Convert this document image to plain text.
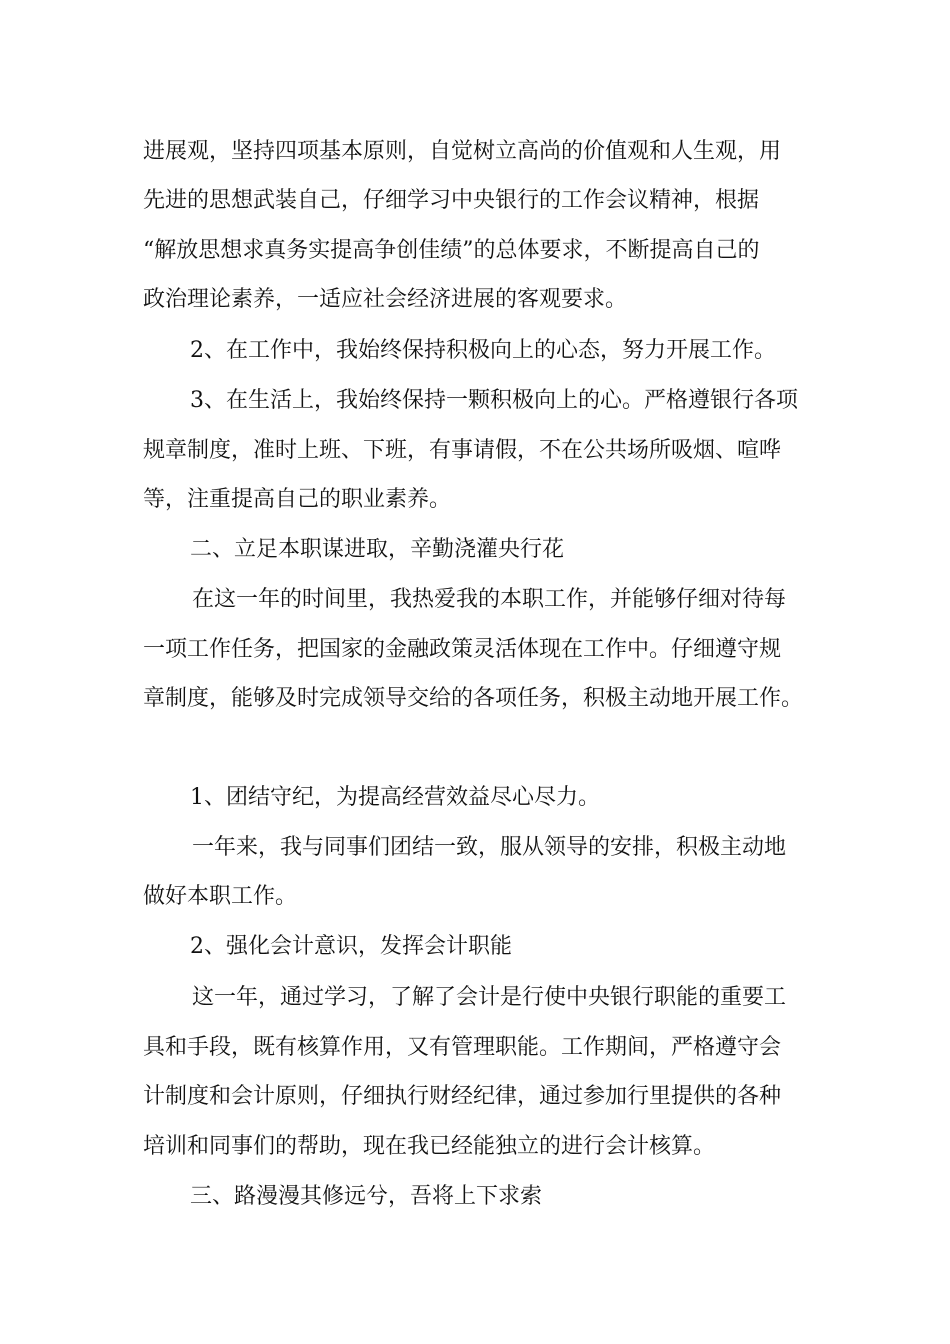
进展观，坚持四项基本原则，自觉树立高尚的价值观和人生观，用
先进的思想武装自己，仔细学习中央银行的工作会议精神，根据
“解放思想求真务实提高争创佳绩”的总体要求，不断提高自己的
政治理论素养，一适应社会经济进展的客观要求。
2、在工作中，我始终保持积极向上的心态，努力开展工作。
3、在生活上，我始终保持一颗积极向上的心。严格遵银行各项
规章制度，准时上班、下班，有事请假，不在公共场所吸烟、喧哗
等，注重提高自己的职业素养。
二、立足本职谋进取，辛勤浇灌央行花
在这一年的时间里，我热爱我的本职工作，并能够仔细对待每
一项工作任务，把国家的金融政策灵活体现在工作中。仔细遵守规
章制度，能够及时完成领导交给的各项任务，积极主动地开展工作。
1、团结守纪，为提高经营效益尽心尽力。
一年来，我与同事们团结一致，服从领导的安排，积极主动地
做好本职工作。
2、强化会计意识，发挥会计职能
这一年，通过学习，了解了会计是行使中央银行职能的重要工
具和手段，既有核算作用，又有管理职能。工作期间，严格遵守会
计制度和会计原则，仔细执行财经纪律，通过参加行里提供的各种
培训和同事们的帮助，现在我已经能独立的进行会计核算。
三、路漫漫其修远兮，吾将上下求索
